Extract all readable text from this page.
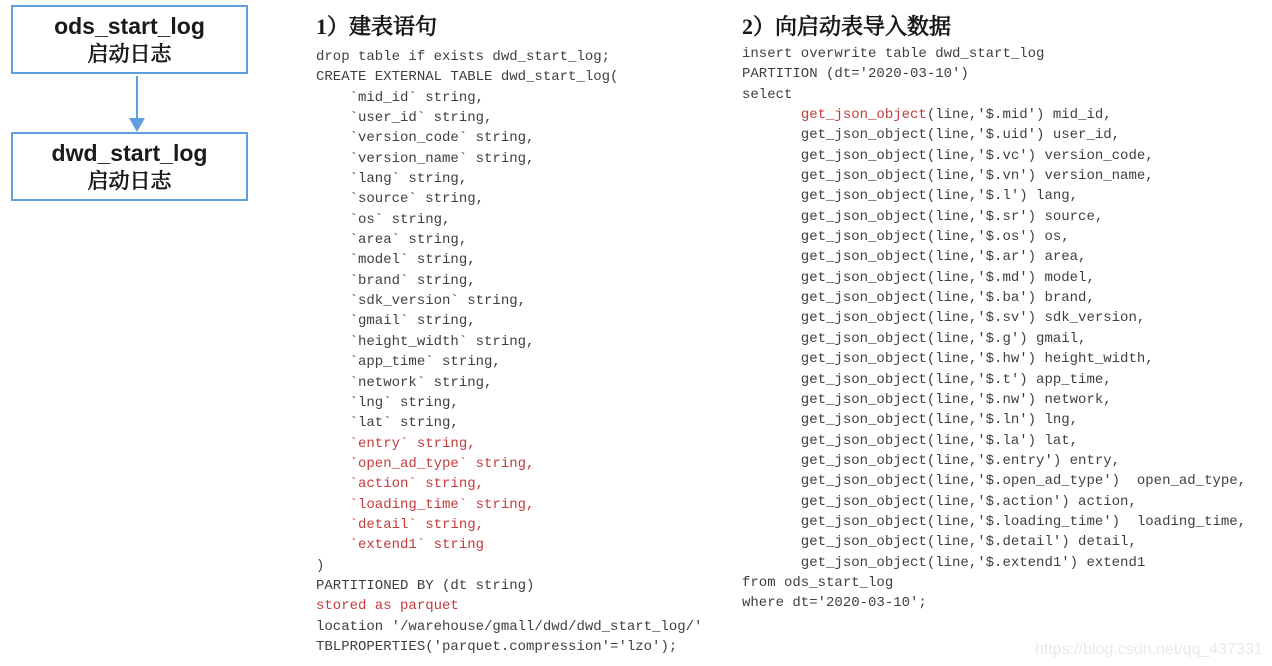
ods_start_log
启动日志
dwd_start_log
启动日志
1）建表语句
drop table if exists dwd_start_log;
CREATE EXTERNAL TABLE dwd_start_log(
`mid_id` string,
`user_id` string,
`version_code` string,
`version_name` string,
`lang` string,
`source` string,
`os` string,
`area` string,
`model` string,
`brand` string,
`sdk_version` string,
`gmail` string,
`height_width` string,
`app_time` string,
`network` string,
`lng` string,
`lat` string,
`entry` string,
`open_ad_type` string,
`action` string,
`loading_time` string,
`detail` string,
`extend1` string
)
PARTITIONED BY (dt string)
stored as parquet
location '/warehouse/gmall/dwd/dwd_start_log/'
TBLPROPERTIES('parquet.compression'='lzo');
2）向启动表导入数据
insert overwrite table dwd_start_log
PARTITION (dt='2020-03-10')
select
get_json_object(line,'$.mid') mid_id,
get_json_object(line,'$.uid') user_id,
get_json_object(line,'$.vc') version_code,
get_json_object(line,'$.vn') version_name,
get_json_object(line,'$.l') lang,
get_json_object(line,'$.sr') source,
get_json_object(line,'$.os') os,
get_json_object(line,'$.ar') area,
get_json_object(line,'$.md') model,
get_json_object(line,'$.ba') brand,
get_json_object(line,'$.sv') sdk_version,
get_json_object(line,'$.g') gmail,
get_json_object(line,'$.hw') height_width,
get_json_object(line,'$.t') app_time,
get_json_object(line,'$.nw') network,
get_json_object(line,'$.ln') lng,
get_json_object(line,'$.la') lat,
get_json_object(line,'$.entry') entry,
get_json_object(line,'$.open_ad_type')  open_ad_type,
get_json_object(line,'$.action') action,
get_json_object(line,'$.loading_time')  loading_time,
get_json_object(line,'$.detail') detail,
get_json_object(line,'$.extend1') extend1
from ods_start_log
where dt='2020-03-10';
https://blog.csdn.net/qq_437331
